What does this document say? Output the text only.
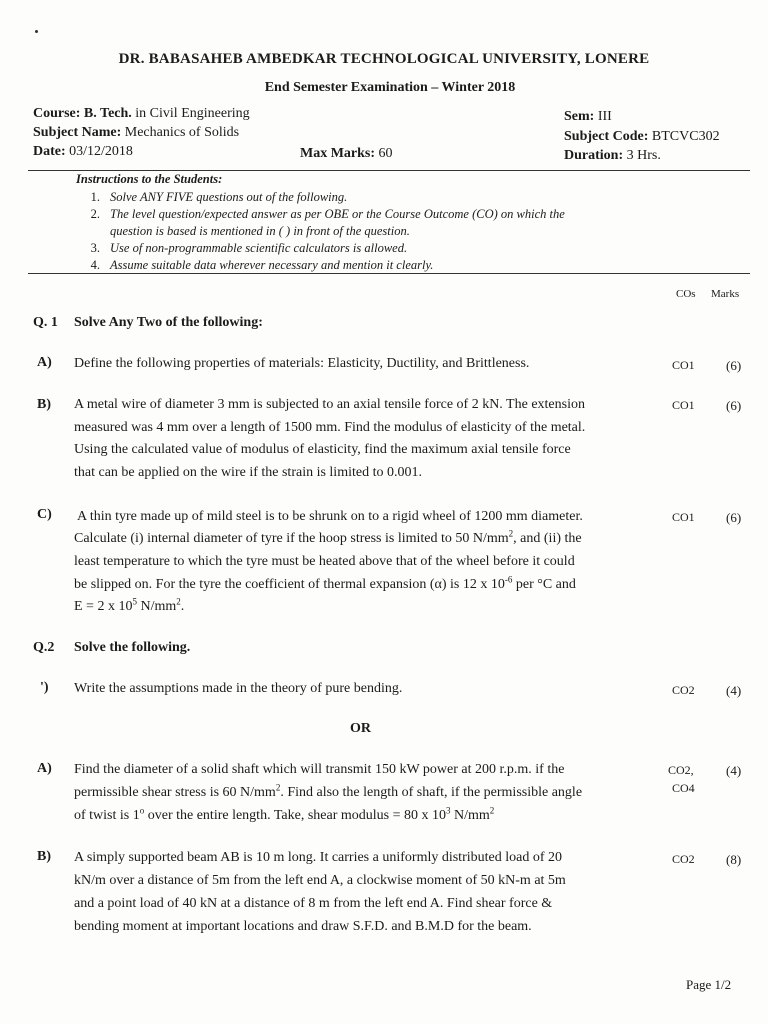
DR. BABASAHEB AMBEDKAR TECHNOLOGICAL UNIVERSITY, LONERE
End Semester Examination – Winter 2018
Course: B. Tech. in Civil Engineering
Subject Name: Mechanics of Solids
Date: 03/12/2018	Max Marks: 60
Sem: III
Subject Code: BTCVC302
Duration: 3 Hrs.
Instructions to the Students:
1. Solve ANY FIVE questions out of the following.
2. The level question/expected answer as per OBE or the Course Outcome (CO) on which the
question is based is mentioned in ( ) in front of the question.
3. Use of non-programmable scientific calculators is allowed.
4. Assume suitable data wherever necessary and mention it clearly.
COs Marks
Q. 1 Solve Any Two of the following:
A) Define the following properties of materials: Elasticity, Ductility, and Brittleness.	CO1 (6)
B) A metal wire of diameter 3 mm is subjected to an axial tensile force of 2 kN. The extension
measured was 4 mm over a length of 1500 mm. Find the modulus of elasticity of the metal.
Using the calculated value of modulus of elasticity, find the maximum axial tensile force
that can be applied on the wire if the strain is limited to 0.001.
CO1 (6)
C) A thin tyre made up of mild steel is to be shrunk on to a rigid wheel of 1200 mm diameter.
Calculate (i) internal diameter of tyre if the hoop stress is limited to 50 $N/mm^2$, and (ii) the
least temperature to which the tyre must be heated above that of the wheel before it could
be slipped on. For the tyre the coefficient of thermal expansion (α) is 12 x $10^{-6}$ per °C and
E = 2 x $10^5$ $N/mm^2$.
CO1 (6)
Q.2 Solve the following.
') Write the assumptions made in the theory of pure bending.	CO2 (4)
OR
A) Find the diameter of a solid shaft which will transmit 150 kW power at 200 r.p.m. if the
permissible shear stress is 60 $N/mm^2$. Find also the length of shaft, if the permissible angle
of twist is 1$^o$ over the entire length. Take, shear modulus = 80 x $10^3$ $N/mm^2$
CO2,
CO4
(4)
B) A simply supported beam AB is 10 m long. It carries a uniformly distributed load of 20
kN/m over a distance of 5m from the left end A, a clockwise moment of 50 kN-m at 5m
and a point load of 40 kN at a distance of 8 m from the left end A. Find shear force &
bending moment at important locations and draw S.F.D. and B.M.D for the beam.
CO2 (8)
Page 1/2
